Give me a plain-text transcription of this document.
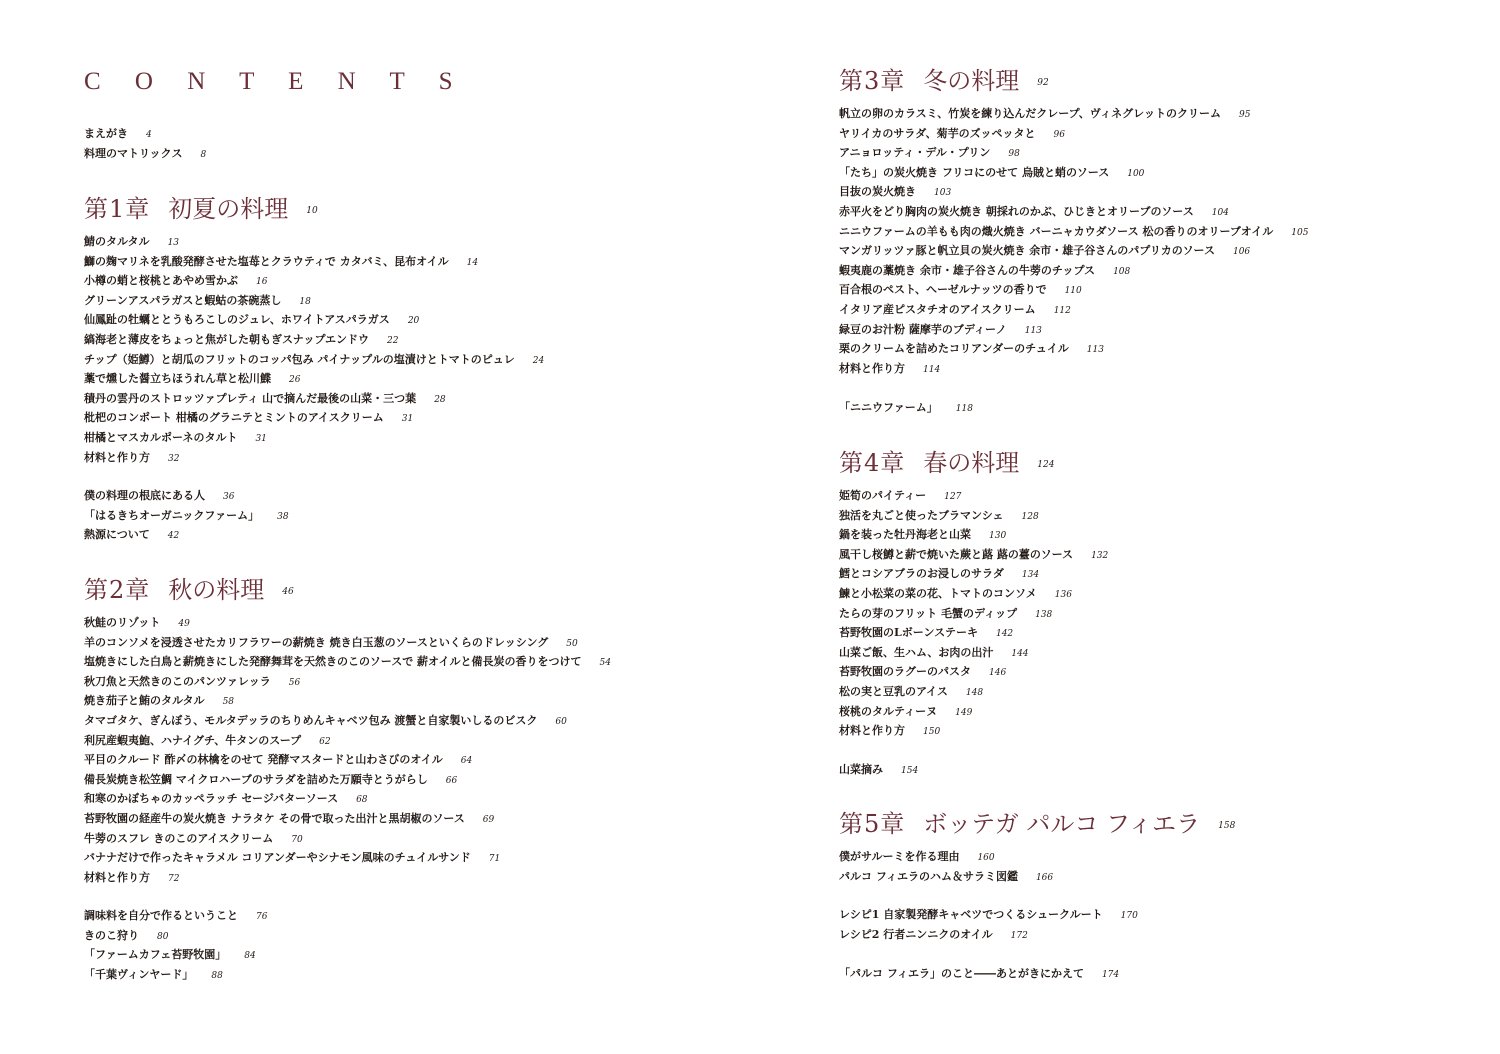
C O N T E N T S
まえがき 4
料理のマトリックス 8
第1章 初夏の料理 10
鯖のタルタル 13
鰤の麹マリネを乳酸発酵させた塩苺とクラウティで カタバミ、昆布オイル 14
小樽の蛸と桜桃とあやめ雪かぶ 16
グリーンアスパラガスと蝦蛄の茶碗蒸し 18
仙鳳趾の牡蠣ととうもろこしのジュレ、ホワイトアスパラガス 20
縞海老と薄皮をちょっと焦がした朝もぎスナップエンドウ 22
チップ（姫鱒）と胡瓜のフリットのコッパ包み パイナップルの塩漬けとトマトのピュレ 24
藁で燻した醤立ちほうれん草と松川鰈 26
積丹の雲丹のストロッツァプレティ 山で摘んだ最後の山菜・三つ葉 28
枇杷のコンポート 柑橘のグラニテとミントのアイスクリーム 31
柑橘とマスカルポーネのタルト 31
材料と作り方 32
僕の料理の根底にある人 36
「はるきちオーガニックファーム」 38
熱源について 42
第2章 秋の料理 46
秋鮭のリゾット 49
羊のコンソメを浸透させたカリフラワーの薪焼き 焼き白玉葱のソースといくらのドレッシング 50
塩焼きにした白鳥と薪焼きにした発酵舞茸を天然きのこのソースで 薪オイルと備長炭の香りをつけて 54
秋刀魚と天然きのこのパンツァレッラ 56
焼き茄子と鮪のタルタル 58
タマゴタケ、ぎんぼう、モルタデッラのちりめんキャベツ包み 渡蟹と自家製いしるのビスク 60
利尻産蝦夷鮑、ハナイグチ、牛タンのスープ 62
平目のクルード 酢〆の林檎をのせて 発酵マスタードと山わさびのオイル 64
備長炭焼き松笠鯛 マイクロハーブのサラダを詰めた万願寺とうがらし 66
和寒のかぼちゃのカッペラッチ セージバターソース 68
苔野牧園の経産牛の炭火焼き ナラタケ その骨で取った出汁と黒胡椒のソース 69
牛蒡のスフレ きのこのアイスクリーム 70
バナナだけで作ったキャラメル コリアンダーやシナモン風味のチュイルサンド 71
材料と作り方 72
調味料を自分で作るということ 76
きのこ狩り 80
「ファームカフェ苔野牧園」 84
「千葉ヴィンヤード」 88
第3章 冬の料理 92
帆立の卵のカラスミ、竹炭を練り込んだクレープ、ヴィネグレットのクリーム 95
ヤリイカのサラダ、菊芋のズッペッタと 96
アニョロッティ・デル・プリン 98
「たち」の炭火焼き フリコにのせて 烏賊と蛸のソース 100
目抜の炭火焼き 103
赤平火をどり胸肉の炭火焼き 朝採れのかぶ、ひじきとオリーブのソース 104
ニニウファームの羊もも肉の熾火焼き バーニャカウダソース 松の香りのオリーブオイル 105
マンガリッツァ豚と帆立貝の炭火焼き 余市・雄子谷さんのパプリカのソース 106
蝦夷鹿の藁焼き 余市・雄子谷さんの牛蒡のチップス 108
百合根のペスト、ヘーゼルナッツの香りで 110
イタリア産ピスタチオのアイスクリーム 112
緑豆のお汁粉 薩摩芋のブディーノ 113
栗のクリームを詰めたコリアンダーのチュイル 113
材料と作り方 114
「ニニウファーム」 118
第4章 春の料理 124
姫筍のパイティー 127
独活を丸ごと使ったブラマンシェ 128
鍋を装った牡丹海老と山菜 130
風干し桜鱒と薪で焼いた蕨と蕗 蕗の薹のソース 132
鱈とコシアブラのお浸しのサラダ 134
鰊と小松菜の菜の花、トマトのコンソメ 136
たらの芽のフリット 毛蟹のディップ 138
苔野牧園のLボーンステーキ 142
山菜ご飯、生ハム、お肉の出汁 144
苔野牧園のラグーのパスタ 146
松の実と豆乳のアイス 148
桜桃のタルティーヌ 149
材料と作り方 150
山菜摘み 154
第5章 ボッテガ パルコ フィエラ 158
僕がサルーミを作る理由 160
パルコ フィエラのハム＆サラミ図鑑 166
レシピ1 自家製発酵キャベツでつくるシュークルート 170
レシピ2 行者ニンニクのオイル 172
「パルコ フィエラ」のこと――あとがきにかえて 174
